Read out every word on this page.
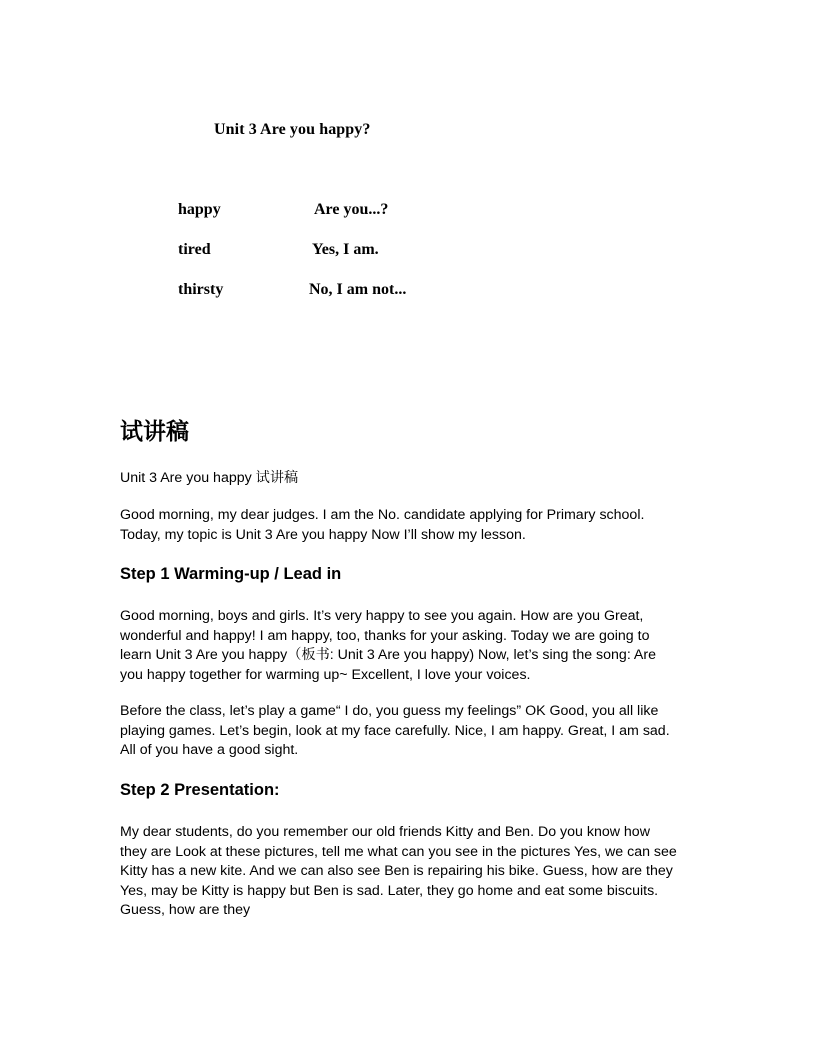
Unit 3 Are you happy?
happy
tired
thirsty
Are you...?
Yes, I am.
No, I am not...
试讲稿
Unit 3 Are you happy 试讲稿
Good morning, my dear judges. I am the No. candidate applying for Primary school.
Today, my topic is Unit 3 Are you happy Now I’ll show my lesson.
Step 1 Warming-up / Lead in
Good morning, boys and girls. It’s very happy to see you again. How are you Great,
wonderful and happy! I am happy, too, thanks for your asking. Today we are going to
learn Unit 3 Are you happy（板书: Unit 3 Are you happy) Now, let’s sing the song: Are
you happy together for warming up~ Excellent, I love your voices.
Before the class, let’s play a game“ I do, you guess my feelings” OK Good, you all like
playing games. Let’s begin, look at my face carefully. Nice, I am happy. Great, I am sad.
All of you have a good sight.
Step 2 Presentation:
My dear students, do you remember our old friends Kitty and Ben. Do you know how
they are Look at these pictures, tell me what can you see in the pictures Yes, we can see
Kitty has a new kite. And we can also see Ben is repairing his bike. Guess, how are they
Yes, may be Kitty is happy but Ben is sad. Later, they go home and eat some biscuits.
Guess, how are they
